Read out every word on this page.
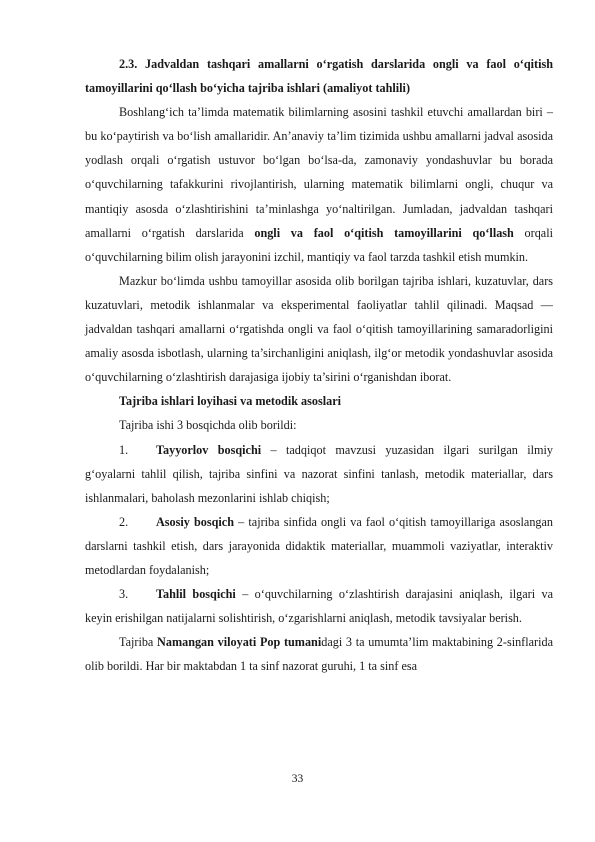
2.3. Jadvaldan tashqari amallarni o‘rgatish darslarida ongli va faol o‘qitish tamoyillarini qo‘llash bo‘yicha tajriba ishlari (amaliyot tahlili)

Boshlang‘ich ta’limda matematik bilimlarning asosini tashkil etuvchi amallardan biri – bu ko‘paytirish va bo‘lish amallaridir. An’anaviy ta’lim tizimida ushbu amallarni jadval asosida yodlash orqali o‘rgatish ustuvor bo‘lgan bo‘lsa-da, zamonaviy yondashuvlar bu borada o‘quvchilarning tafakkurini rivojlantirish, ularning matematik bilimlarni ongli, chuqur va mantiqiy asosda o‘zlashtirishini ta’minlashga yo‘naltirilgan. Jumladan, jadvaldan tashqari amallarni o‘rgatish darslarida ongli va faol o‘qitish tamoyillarini qo‘llash orqali o‘quvchilarning bilim olish jarayonini izchil, mantiqiy va faol tarzda tashkil etish mumkin.

Mazkur bo‘limda ushbu tamoyillar asosida olib borilgan tajriba ishlari, kuzatuvlar, dars kuzatuvlari, metodik ishlanmalar va eksperimental faoliyatlar tahlil qilinadi. Maqsad — jadvaldan tashqari amallarni o‘rgatishda ongli va faol o‘qitish tamoyillarining samaradorligini amaliy asosda isbotlash, ularning ta’sirchanligini aniqlash, ilg‘or metodik yondashuvlar asosida o‘quvchilarning o‘zlashtirish darajasiga ijobiy ta’sirini o‘rganishdan iborat.

Tajriba ishlari loyihasi va metodik asoslari

Tajriba ishi 3 bosqichda olib borildi:

1. Tayyorlov bosqichi – tadqiqot mavzusi yuzasidan ilgari surilgan ilmiy g‘oyalarni tahlil qilish, tajriba sinfini va nazorat sinfini tanlash, metodik materiallar, dars ishlanmalari, baholash mezonlarini ishlab chiqish;

2. Asosiy bosqich – tajriba sinfida ongli va faol o‘qitish tamoyillariga asoslangan darslarni tashkil etish, dars jarayonida didaktik materiallar, muammoli vaziyatlar, interaktiv metodlardan foydalanish;

3. Tahlil bosqichi – o‘quvchilarning o‘zlashtirish darajasini aniqlash, ilgari va keyin erishilgan natijalarni solishtirish, o‘zgarishlarni aniqlash, metodik tavsiyalar berish.

Tajriba Namangan viloyati Pop tumanidagi 3 ta umumta’lim maktabining 2-sinflarida olib borildi. Har bir maktabdan 1 ta sinf nazorat guruhi, 1 ta sinf esa

33
